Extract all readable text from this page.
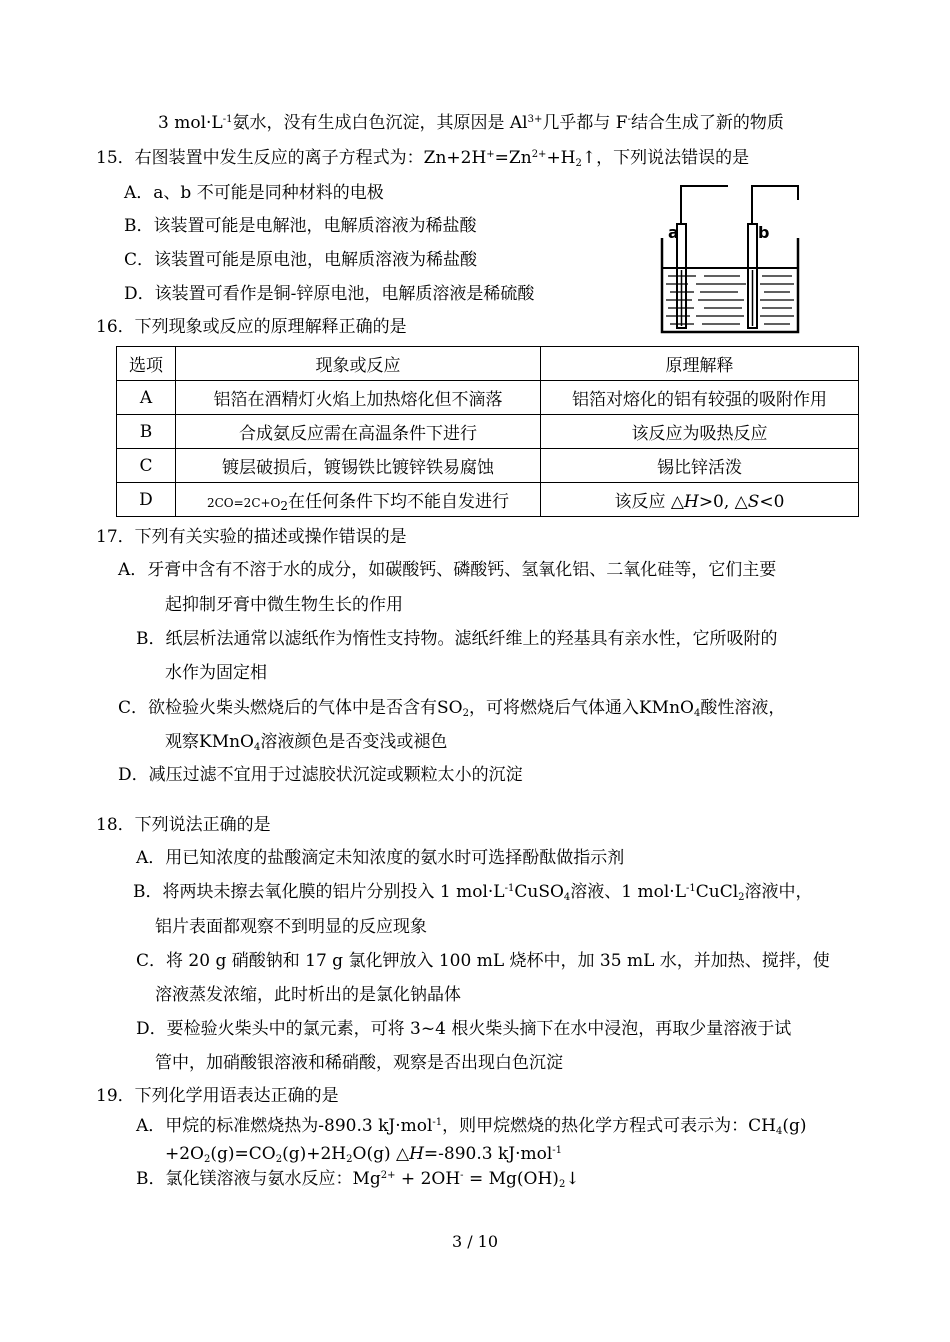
3 $mol\cdot L^{-1}$氨水，没有生成白色沉淀，其原因是 $Al^{3+}$几乎都与 F-结合生成了新的物质
15．右图装置中发生反应的离子方程式为：$Zn+2H^+=Zn^{2+}+H_2↑$，下列说法错误的是
A．a、b 不可能是同种材料的电极
B．该装置可能是电解池，电解质溶液为稀盐酸
C．该装置可能是原电池，电解质溶液为稀盐酸
D．该装置可看作是铜-锌原电池，电解质溶液是稀硫酸
a	b
16．下列现象或反应的原理解释正确的是
选项	现象或反应	原理解释
A	铝箔在酒精灯火焰上加热熔化但不滴落	铝箔对熔化的铝有较强的吸附作用
B	合成氨反应需在高温条件下进行	该反应为吸热反应
C	镀层破损后，镀锡铁比镀锌铁易腐蚀	锡比锌活泼
D	$2CO=2C+O_2$在任何条件下均不能自发进行	该反应 △H>0, △S<0
17．下列有关实验的描述或操作错误的是
A．牙膏中含有不溶于水的成分，如碳酸钙、磷酸钙、氢氧化铝、二氧化硅等，它们主要
起抑制牙膏中微生物生长的作用
B．纸层析法通常以滤纸作为惰性支持物。滤纸纤维上的羟基具有亲水性，它所吸附的
水作为固定相
C．欲检验火柴头燃烧后的气体中是否含有$SO_2$，可将燃烧后气体通入KMnO$_4$酸性溶液，
观察KMnO$_4$溶液颜色是否变浅或褪色
D．减压过滤不宜用于过滤胶状沉淀或颗粒太小的沉淀
18．下列说法正确的是
A．用已知浓度的盐酸滴定未知浓度的氨水时可选择酚酞做指示剂
B．将两块未擦去氧化膜的铝片分别投入 1 $mol\cdot L^{-1}CuSO_4$溶液、1 $mol\cdot L^{-1}CuCl_2$溶液中，
铝片表面都观察不到明显的反应现象
C．将 20 g 硝酸钠和 17 g 氯化钾放入 100 mL 烧杯中，加 35 mL 水，并加热、搅拌，使
溶液蒸发浓缩，此时析出的是氯化钠晶体
D．要检验火柴头中的氯元素，可将 3~4 根火柴头摘下在水中浸泡，再取少量溶液于试
管中，加硝酸银溶液和稀硝酸，观察是否出现白色沉淀
19．下列化学用语表达正确的是
A．甲烷的标准燃烧热为-890.3 kJ·mol$^{-1}$，则甲烷燃烧的热化学方程式可表示为：$CH_4(g)$
$+2O_2(g)=CO_2(g)+2H_2O(g)$ △H=-890.3 kJ·mol$^{-1}$
B．氯化镁溶液与氨水反应：$Mg^{2+} + 2OH^-$ = $Mg(OH)_2↓$
3 / 10
